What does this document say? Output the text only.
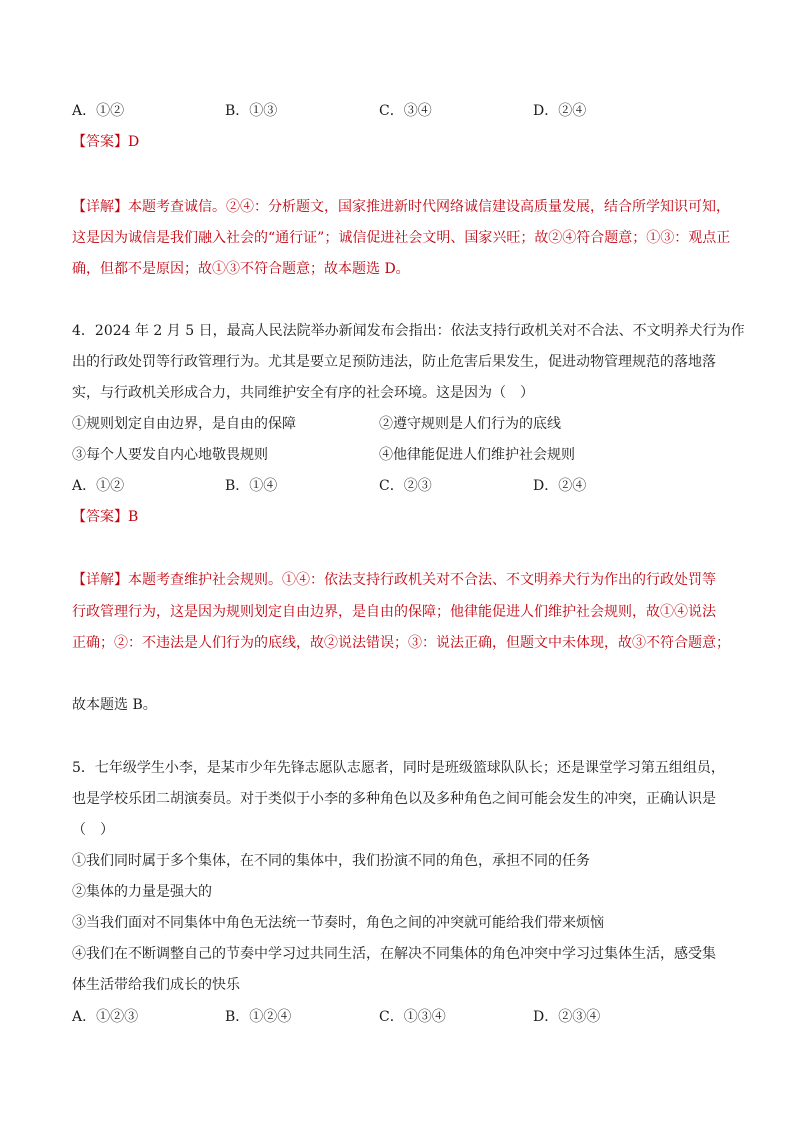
A．①②	B．①③	C．③④	D．②④
【答案】D
【详解】本题考查诚信。②④：分析题文，国家推进新时代网络诚信建设高质量发展，结合所学知识可知，
这是因为诚信是我们融入社会的“通行证”；诚信促进社会文明、国家兴旺；故②④符合题意；①③：观点正
确，但都不是原因；故①③不符合题意；故本题选 D。
4．2024 年 2 月 5 日，最高人民法院举办新闻发布会指出：依法支持行政机关对不合法、不文明养犬行为作
出的行政处罚等行政管理行为。尤其是要立足预防违法，防止危害后果发生，促进动物管理规范的落地落
实，与行政机关形成合力，共同维护安全有序的社会环境。这是因为（　）
①规则划定自由边界，是自由的保障	②遵守规则是人们行为的底线
③每个人要发自内心地敬畏规则	④他律能促进人们维护社会规则
A．①②	B．①④	C．②③	D．②④
【答案】B
【详解】本题考查维护社会规则。①④：依法支持行政机关对不合法、不文明养犬行为作出的行政处罚等
行政管理行为，这是因为规则划定自由边界，是自由的保障；他律能促进人们维护社会规则，故①④说法
正确；②：不违法是人们行为的底线，故②说法错误；③：说法正确，但题文中未体现，故③不符合题意；
故本题选 B。
5．七年级学生小李，是某市少年先锋志愿队志愿者，同时是班级篮球队队长；还是课堂学习第五组组员，
也是学校乐团二胡演奏员。对于类似于小李的多种角色以及多种角色之间可能会发生的冲突，正确认识是
（　）
①我们同时属于多个集体，在不同的集体中，我们扮演不同的角色，承担不同的任务
②集体的力量是强大的
③当我们面对不同集体中角色无法统一节奏时，角色之间的冲突就可能给我们带来烦恼
④我们在不断调整自己的节奏中学习过共同生活，在解决不同集体的角色冲突中学习过集体生活，感受集
体生活带给我们成长的快乐
A．①②③	B．①②④	C．①③④	D．②③④
